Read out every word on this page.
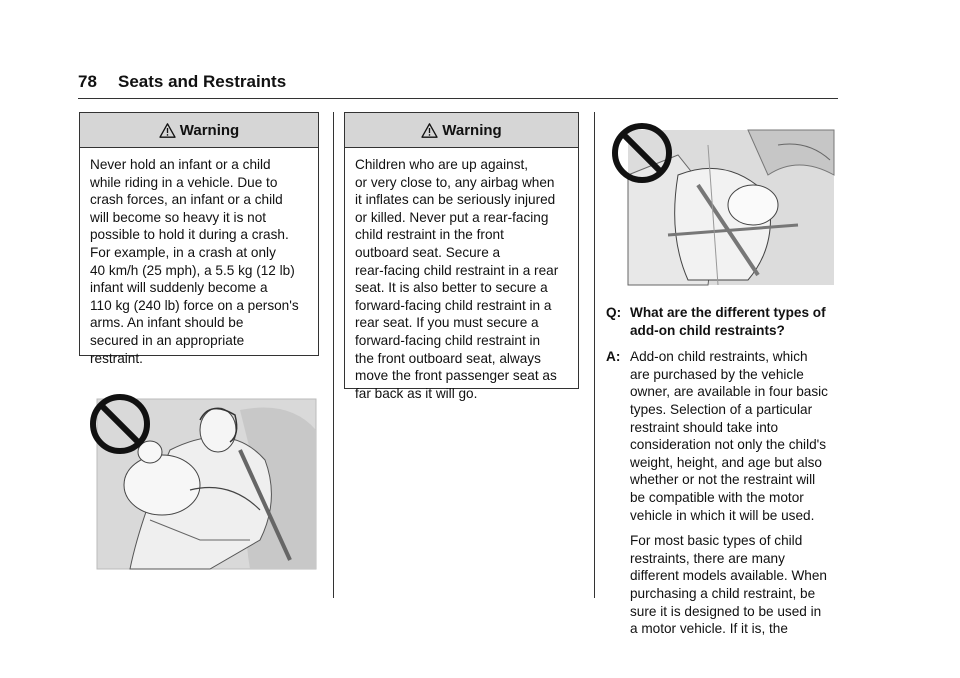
78 Seats and Restraints
Warning
Never hold an infant or a child
while riding in a vehicle. Due to
crash forces, an infant or a child
will become so heavy it is not
possible to hold it during a crash.
For example, in a crash at only
40 km/h (25 mph), a 5.5 kg (12 lb)
infant will suddenly become a
110 kg (240 lb) force on a person's
arms. An infant should be
secured in an appropriate
restraint.
Warning
Children who are up against,
or very close to, any airbag when
it inflates can be seriously injured
or killed. Never put a rear-facing
child restraint in the front
outboard seat. Secure a
rear-facing child restraint in a rear
seat. It is also better to secure a
forward-facing child restraint in a
rear seat. If you must secure a
forward-facing child restraint in
the front outboard seat, always
move the front passenger seat as
far back as it will go.
Q: What are the different types of
add-on child restraints?

A: Add-on child restraints, which
are purchased by the vehicle
owner, are available in four basic
types. Selection of a particular
restraint should take into
consideration not only the child's
weight, height, and age but also
whether or not the restraint will
be compatible with the motor
vehicle in which it will be used.

For most basic types of child
restraints, there are many
different models available. When
purchasing a child restraint, be
sure it is designed to be used in
a motor vehicle. If it is, the
